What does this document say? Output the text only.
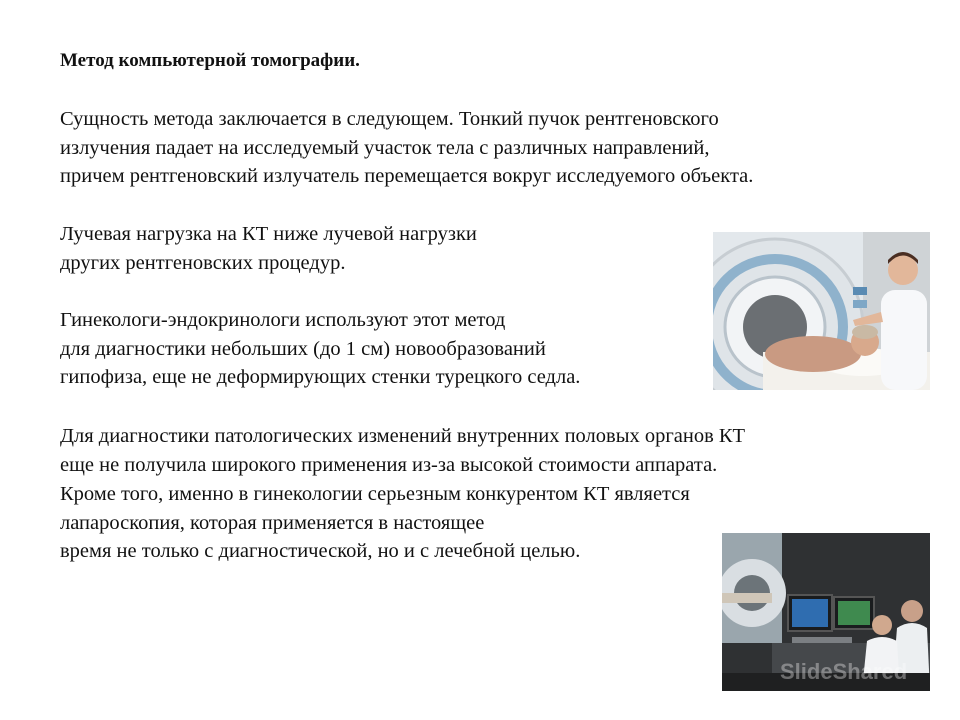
Метод компьютерной томографии.
Сущность метода заключается в следующем. Тонкий пучок рентгеновского
излучения падает на исследуемый участок тела с различных направлений,
причем рентгеновский излучатель перемещается вокруг исследуемого объекта.
Лучевая нагрузка на КТ ниже лучевой нагрузки
других рентгеновских процедур.
Гинекологи-эндокринологи используют этот метод
для диагностики небольших (до 1 см) новообразований
гипофиза, еще не деформирующих стенки турецкого седла.
Для диагностики патологических изменений внутренних половых органов КТ
еще не получила широкого применения из-за высокой стоимости аппарата.
Кроме того, именно в гинекологии серьезным конкурентом КТ является
лапароскопия, которая применяется в настоящее
время не только с диагностической, но и с лечебной целью.
SlideShared
